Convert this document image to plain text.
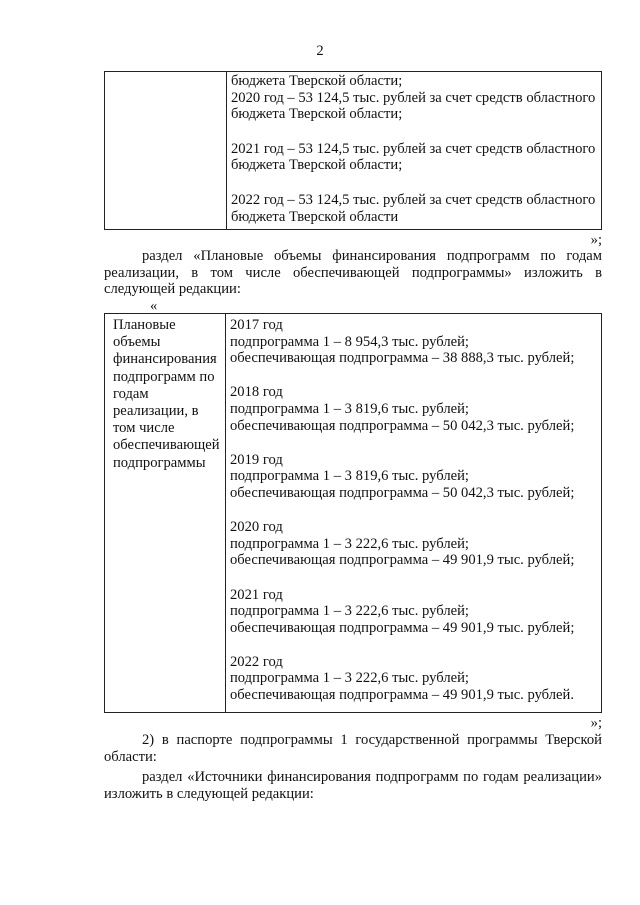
2
бюджета Тверской области;
2020 год – 53 124,5 тыс. рублей за счет средств областного
бюджета Тверской области;
2021 год – 53 124,5 тыс. рублей за счет средств областного
бюджета Тверской области;
2022 год – 53 124,5 тыс. рублей за счет средств областного
бюджета Тверской области
»;
раздел «Плановые объемы финансирования подпрограмм по годам
реализации, в том числе обеспечивающей подпрограммы» изложить в
следующей редакции:
«
Плановые
объемы
финансирования
подпрограмм по
годам
реализации, в
том числе
обеспечивающей
подпрограммы
2017 год
подпрограмма 1 – 8 954,3 тыс. рублей;
обеспечивающая подпрограмма – 38 888,3 тыс. рублей;
2018 год
подпрограмма 1 – 3 819,6 тыс. рублей;
обеспечивающая подпрограмма – 50 042,3 тыс. рублей;
2019 год
подпрограмма 1 – 3 819,6 тыс. рублей;
обеспечивающая подпрограмма – 50 042,3 тыс. рублей;
2020 год
подпрограмма 1 – 3 222,6 тыс. рублей;
обеспечивающая подпрограмма – 49 901,9 тыс. рублей;
2021 год
подпрограмма 1 – 3 222,6 тыс. рублей;
обеспечивающая подпрограмма – 49 901,9 тыс. рублей;
2022 год
подпрограмма 1 – 3 222,6 тыс. рублей;
обеспечивающая подпрограмма – 49 901,9 тыс. рублей.
»;
2) в паспорте подпрограммы 1 государственной программы Тверской
области:
раздел «Источники финансирования подпрограмм по годам реализации»
изложить в следующей редакции:
